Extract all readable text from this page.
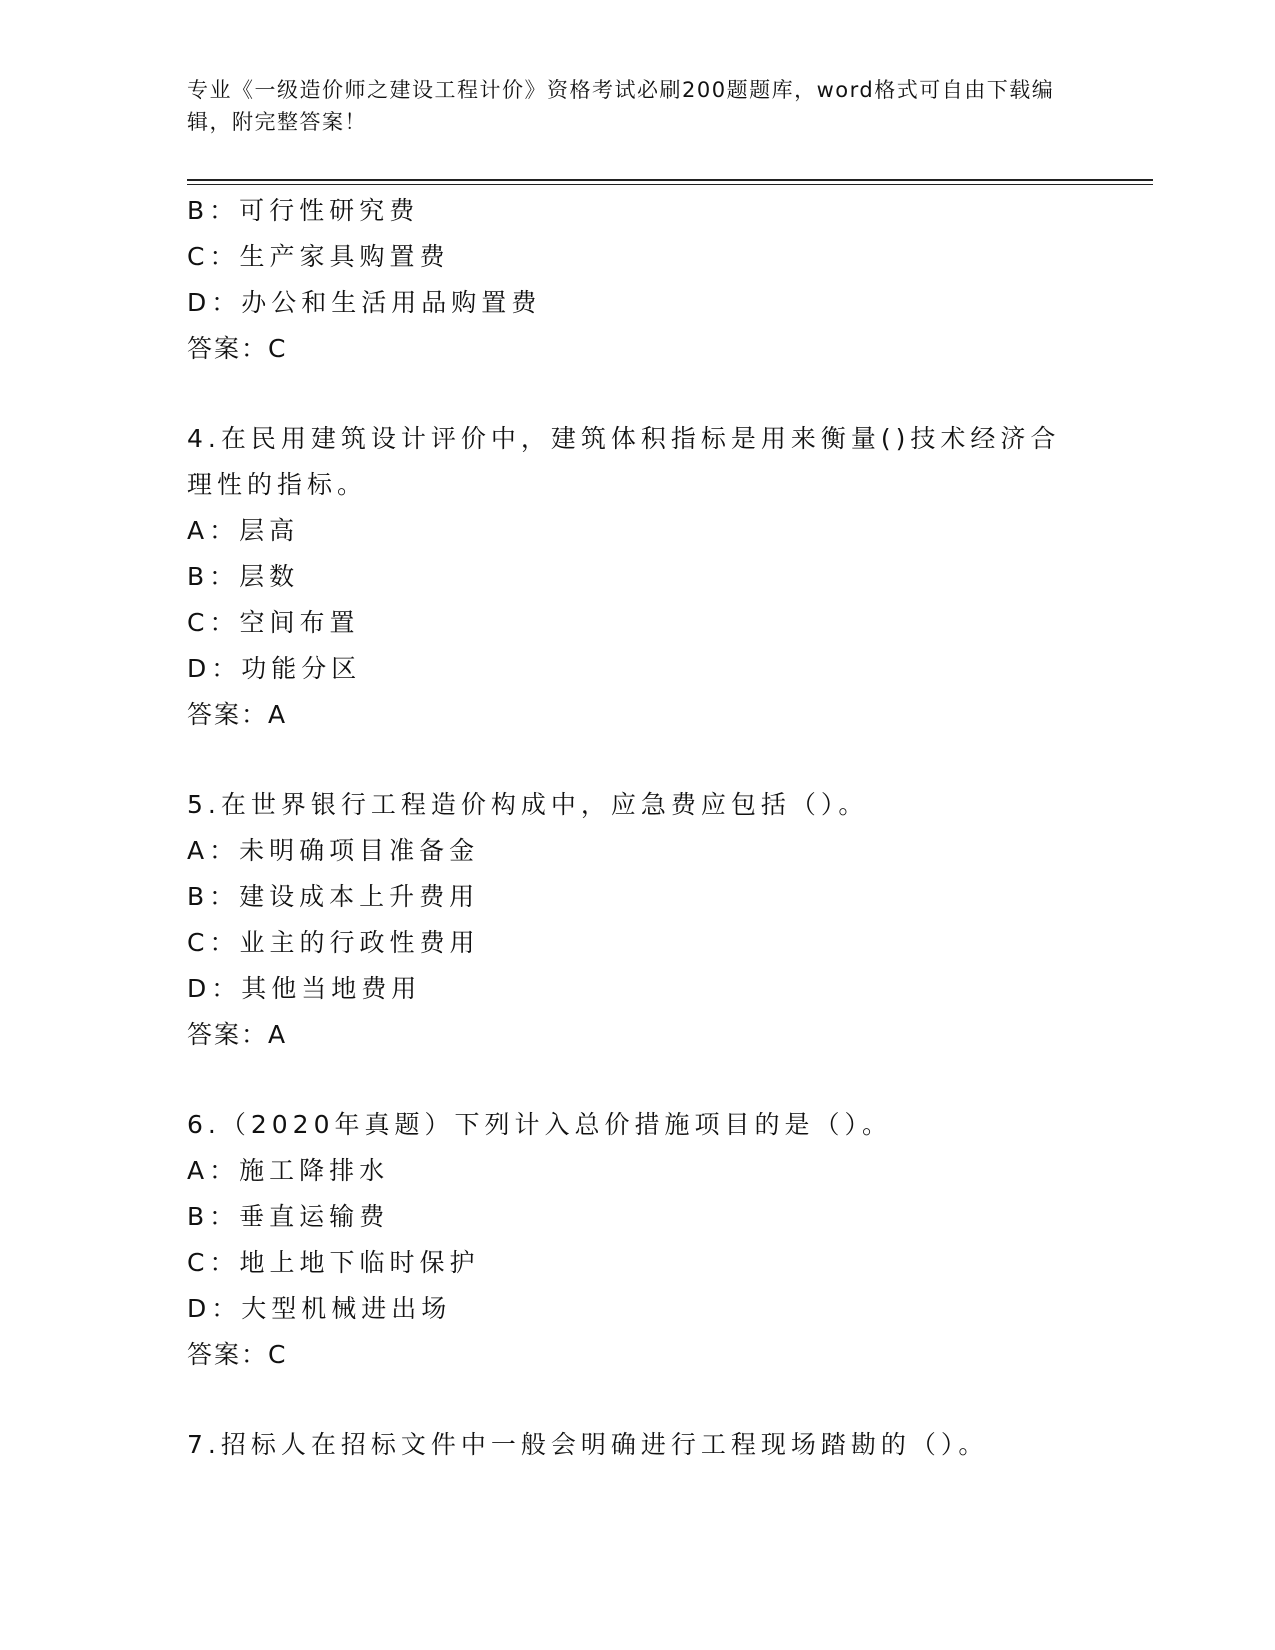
专业《一级造价师之建设工程计价》资格考试必刷200题题库，word格式可自由下载编辑，附完整答案！
B：可行性研究费
C：生产家具购置费
D：办公和生活用品购置费
答案：C
4.在民用建筑设计评价中，建筑体积指标是用来衡量()技术经济合理性的指标。
A：层高
B：层数
C：空间布置
D：功能分区
答案：A
5.在世界银行工程造价构成中，应急费应包括（）。
A：未明确项目准备金
B：建设成本上升费用
C：业主的行政性费用
D：其他当地费用
答案：A
6.（2020年真题）下列计入总价措施项目的是（）。
A：施工降排水
B：垂直运输费
C：地上地下临时保护
D：大型机械进出场
答案：C
7.招标人在招标文件中一般会明确进行工程现场踏勘的（）。
